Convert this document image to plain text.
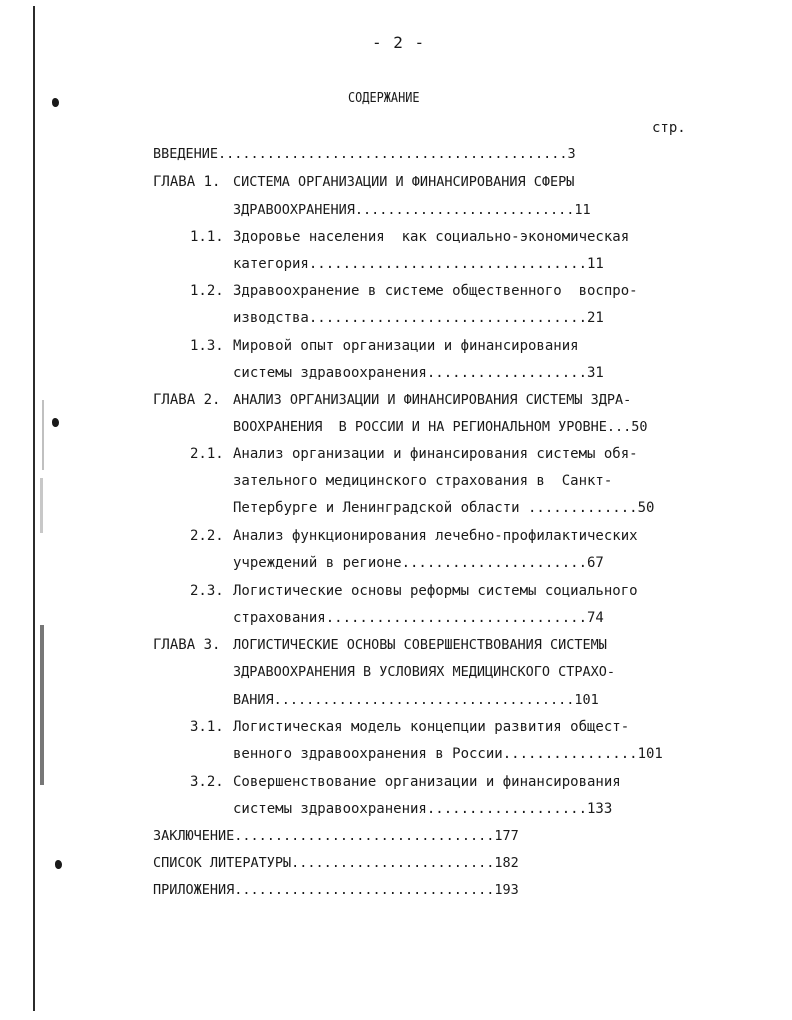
- 2 -
СОДЕРЖАНИЕ
стр.
ВВЕДЕНИЕ...........................................3
ГЛАВА 1. СИСТЕМА ОРГАНИЗАЦИИ И ФИНАНСИРОВАНИЯ СФЕРЫ
ЗДРАВООХРАНЕНИЯ...........................11
1.1. Здоровье населения  как социально-экономическая
категория.................................11
1.2. Здравоохранение в системе общественного  воспро-
изводства.................................21
1.3. Мировой опыт организации и финансирования
системы здравоохранения...................31
ГЛАВА 2. АНАЛИЗ ОРГАНИЗАЦИИ И ФИНАНСИРОВАНИЯ СИСТЕМЫ ЗДРА-
ВООХРАНЕНИЯ  В РОССИИ И НА РЕГИОНАЛЬНОМ УРОВНЕ...50
2.1. Анализ организации и финансирования системы обя-
зательного медицинского страхования в  Санкт-
Петербурге и Ленинградской области .............50
2.2. Анализ функционирования лечебно-профилактических
учреждений в регионе......................67
2.3. Логистические основы реформы системы социального
страхования...............................74
ГЛАВА 3. ЛОГИСТИЧЕСКИЕ ОСНОВЫ СОВЕРШЕНСТВОВАНИЯ СИСТЕМЫ
ЗДРАВООХРАНЕНИЯ В УСЛОВИЯХ МЕДИЦИНСКОГО СТРАХО-
ВАНИЯ.....................................101
3.1. Логистическая модель концепции развития общест-
венного здравоохранения в России................101
3.2. Совершенствование организации и финансирования
системы здравоохранения...................133
ЗАКЛЮЧЕНИЕ................................177
СПИСОК ЛИТЕРАТУРЫ.........................182
ПРИЛОЖЕНИЯ................................193
